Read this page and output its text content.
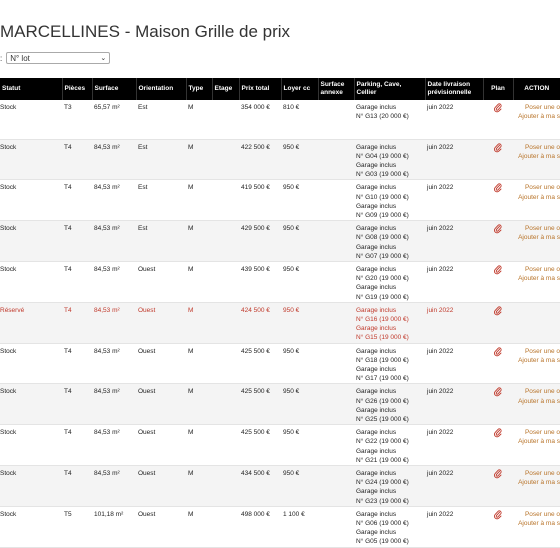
MARCELLINES - Maison Grille de prix
:	N° lot	⌄
Statut	Pièces	Surface	Orientation	Type	Etage	Prix total	Loyer cc	Surface annexe	Parking, Cave, Cellier	Date livraison prévisionnelle	Plan	ACTION
Stock	T3	65,57 m²	Est	M		354 000 €	810 €		Garage inclus
N° G13 (20 000 €)	juin 2022		Poser une o
Ajouter à ma s

Stock	T4	84,53 m²	Est	M		422 500 €	950 €		Garage inclus
N° G04 (19 000 €)
Garage inclus
N° G03 (19 000 €)	juin 2022		Poser une o
Ajouter à ma s

Stock	T4	84,53 m²	Est	M		419 500 €	950 €		Garage inclus
N° G10 (19 000 €)
Garage inclus
N° G09 (19 000 €)	juin 2022		Poser une o
Ajouter à ma s

Stock	T4	84,53 m²	Est	M		429 500 €	950 €		Garage inclus
N° G08 (19 000 €)
Garage inclus
N° G07 (19 000 €)	juin 2022		Poser une o
Ajouter à ma s

Stock	T4	84,53 m²	Ouest	M		439 500 €	950 €		Garage inclus
N° G20 (19 000 €)
Garage inclus
N° G19 (19 000 €)	juin 2022		Poser une o
Ajouter à ma s

Réservé	T4	84,53 m²	Ouest	M		424 500 €	950 €		Garage inclus
N° G16 (19 000 €)
Garage inclus
N° G15 (19 000 €)	juin 2022		
Stock	T4	84,53 m²	Ouest	M		425 500 €	950 €		Garage inclus
N° G18 (19 000 €)
Garage inclus
N° G17 (19 000 €)	juin 2022		Poser une o
Ajouter à ma s

Stock	T4	84,53 m²	Ouest	M		425 500 €	950 €		Garage inclus
N° G26 (19 000 €)
Garage inclus
N° G25 (19 000 €)	juin 2022		Poser une o
Ajouter à ma s

Stock	T4	84,53 m²	Ouest	M		425 500 €	950 €		Garage inclus
N° G22 (19 000 €)
Garage inclus
N° G21 (19 000 €)	juin 2022		Poser une o
Ajouter à ma s

Stock	T4	84,53 m²	Ouest	M		434 500 €	950 €		Garage inclus
N° G24 (19 000 €)
Garage inclus
N° G23 (19 000 €)	juin 2022		Poser une o
Ajouter à ma s

Stock	T5	101,18 m²	Ouest	M		498 000 €	1 100 €		Garage inclus
N° G06 (19 000 €)
Garage inclus
N° G05 (19 000 €)	juin 2022		Poser une o
Ajouter à ma s
